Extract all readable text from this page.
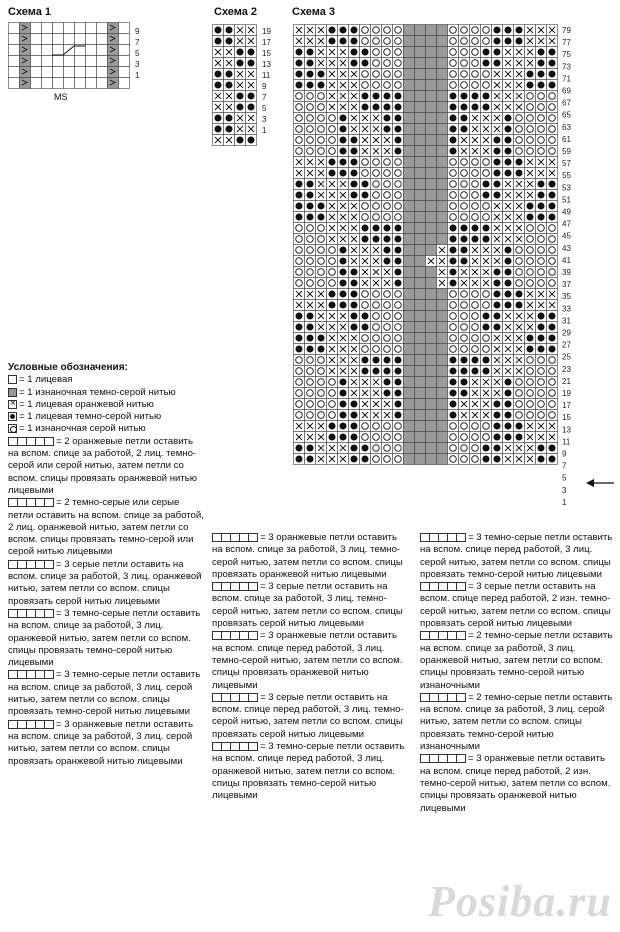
Схема 1	Схема 2	Схема 3
9
7
5
3
1
MS
19
17
15
13
11
9
7
5
3
1
79
77
75
73
71
69
67
65
63
61
59
57
55
53
51
49
47
45
43
41
39
37
35
33
31
29
27
25
23
21
19
17
15
13
11
9
7
5
3
1
Условные обозначения:
= 1 лицевая
= 1 изнаночная темно-серой нитью
×= 1 лицевая оранжевой нитью
= 1 лицевая темно-серой нитью
= 1 изнаночная серой нитью
= 2 оранжевые петли оставить на вспом. спице за работой, 2 лиц. темно-серой или серой нитью, затем петли со вспом. спицы провязать оранжевой нитью лицевыми
= 2 темно-серые или серые петли оставить на вспом. спице за работой, 2 лиц. оранжевой нитью, затем петли со вспом. спицы провязать темно-серой или серой нитью лицевыми
= 3 серые петли оставить на вспом. спице за работой, 3 лиц. оранжевой нитью, затем петли со вспом. спицы провязать серой нитью лицевыми
= 3 темно-серые петли оставить на вспом. спице за работой, 3 лиц. оранжевой нитью, затем петли со вспом. спицы провязать темно-серой нитью лицевыми
= 3 темно-серые петли оставить на вспом. спице за работой, 3 лиц. серой нитью, затем петли со вспом. спицы провязать темно-серой нитью лицевыми
= 3 оранжевые петли оставить на вспом. спице за работой, 3 лиц. серой нитью, затем петли со вспом. спицы провязать оранжевой нитью лицевыми
= 3 оранжевые петли оставить на вспом. спице за работой, 3 лиц. темно-серой нитью, затем петли со вспом. спицы провязать оранжевой нитью лицевыми
= 3 серые петли оставить на вспом. спице за работой, 3 лиц. темно-серой нитью, затем петли со вспом. спицы провязать серой нитью лицевыми
= 3 оранжевые петли оставить на вспом. спице перед работой, 3 лиц. темно-серой нитью, затем петли со вспом. спицы провязать оранжевой нитью лицевыми
= 3 серые петли оставить на вспом. спице перед работой, 3 лиц. темно-серой нитью, затем петли со вспом. спицы провязать серой нитью лицевыми
= 3 темно-серые петли оставить на вспом. спице перед работой, 3 лиц. оранжевой нитью, затем петли со вспом. спицы провязать темно-серой нитью лицевыми
= 3 темно-серые петли оставить на вспом. спице перед работой, 3 лиц. серой нитью, затем петли со вспом. спицы провязать темно-серой нитью лицевыми
= 3 серые петли оставить на вспом. спице перед работой, 2 изн. темно-серой нитью, затем петли со вспом. спицы провязать серой нитью лицевыми
= 2 темно-серые петли оставить на вспом. спице за работой, 3 лиц. оранжевой нитью, затем петли со вспом. спицы провязать темно-серой нитью изнаночными
= 2 темно-серые петли оставить на вспом. спице за работой, 3 лиц. серой нитью, затем петли со вспом. спицы провязать темно-серой нитью изнаночными
= 3 оранжевые петли оставить на вспом. спице перед работой, 2 изн. темно-серой нитью, затем петли со вспом. спицы провязать оранжевой нитью лицевыми
Posiba.ru
